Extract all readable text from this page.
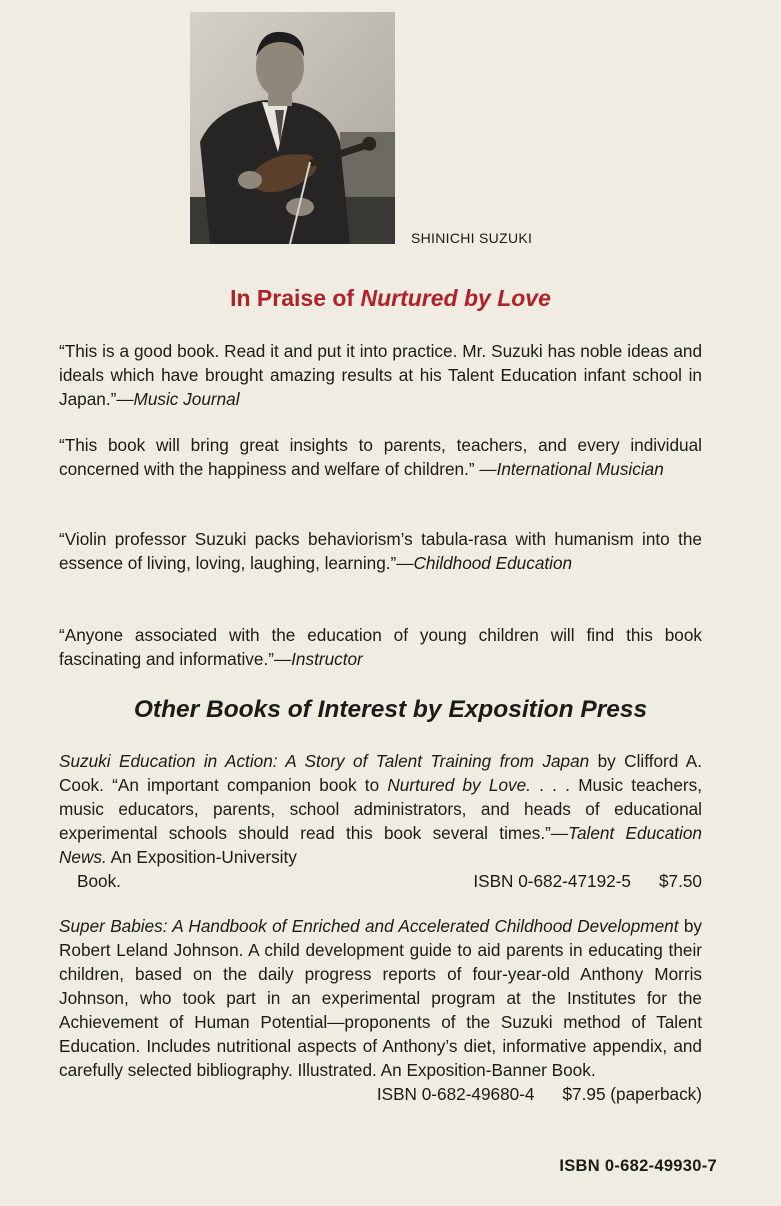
SHINICHI SUZUKI
In Praise of Nurtured by Love

“This is a good book. Read it and put it into practice. Mr. Suzuki has noble ideas and ideals which have brought amazing results at his Talent Education infant school in Japan.”—Music Journal

“This book will bring great insights to parents, teachers, and every individual concerned with the happiness and welfare of children.” —International Musician

“Violin professor Suzuki packs behaviorism’s tabula-rasa with humanism into the essence of living, loving, laughing, learning.”—Childhood Education

“Anyone associated with the education of young children will find this book fascinating and informative.”—Instructor

Other Books of Interest by Exposition Press

Suzuki Education in Action: A Story of Talent Training from Japan by Clifford A. Cook. “An important companion book to Nurtured by Love. . . . Music teachers, music educators, parents, school administrators, and heads of educational experimental schools should read this book several times.”—Talent Education News. An Exposition-University

Book.	ISBN 0-682-47192-5 $7.50

Super Babies: A Handbook of Enriched and Accelerated Childhood Development by Robert Leland Johnson. A child development guide to aid parents in educating their children, based on the daily progress reports of four-year-old Anthony Morris Johnson, who took part in an experimental program at the Institutes for the Achievement of Human Potential—proponents of the Suzuki method of Talent Education. Includes nutritional aspects of Anthony’s diet, informative appendix, and carefully selected bibliography. Illustrated. An Exposition-Banner Book.

ISBN 0-682-49680-4 $7.95 (paperback)
ISBN 0-682-49930-7
